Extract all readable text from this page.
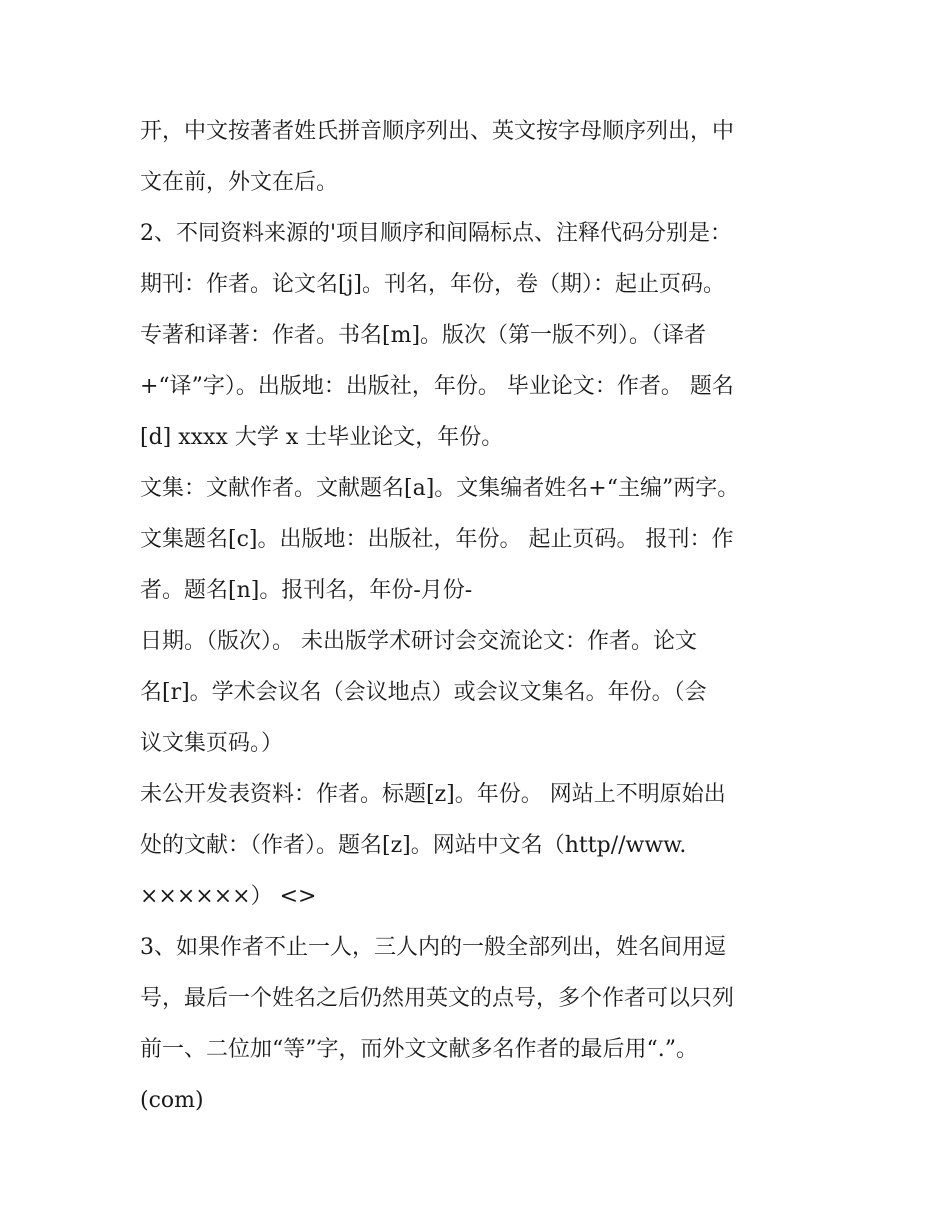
开，中文按著者姓氏拼音顺序列出、英文按字母顺序列出，中
文在前，外文在后。
2、不同资料来源的'项目顺序和间隔标点、注释代码分别是：
期刊：作者。论文名[j]。刊名，年份，卷（期）：起止页码。
专著和译著：作者。书名[m]。版次（第一版不列）。（译者
+“译”字）。出版地：出版社，年份。 毕业论文：作者。 题名
[d] xxxx 大学 x 士毕业论文，年份。
文集：文献作者。文献题名[a]。文集编者姓名+“主编”两字。
文集题名[c]。出版地：出版社，年份。 起止页码。 报刊：作
者。题名[n]。报刊名，年份-月份-
日期。（版次）。 未出版学术研讨会交流论文：作者。论文
名[r]。学术会议名（会议地点）或会议文集名。年份。（会
议文集页码。）
未公开发表资料：作者。标题[z]。年份。 网站上不明原始出
处的文献：（作者）。题名[z]。网站中文名（http//www.
××××××） <>
3、如果作者不止一人，三人内的一般全部列出，姓名间用逗
号，最后一个姓名之后仍然用英文的点号，多个作者可以只列
前一、二位加“等”字，而外文文献多名作者的最后用“.”。
(com)
